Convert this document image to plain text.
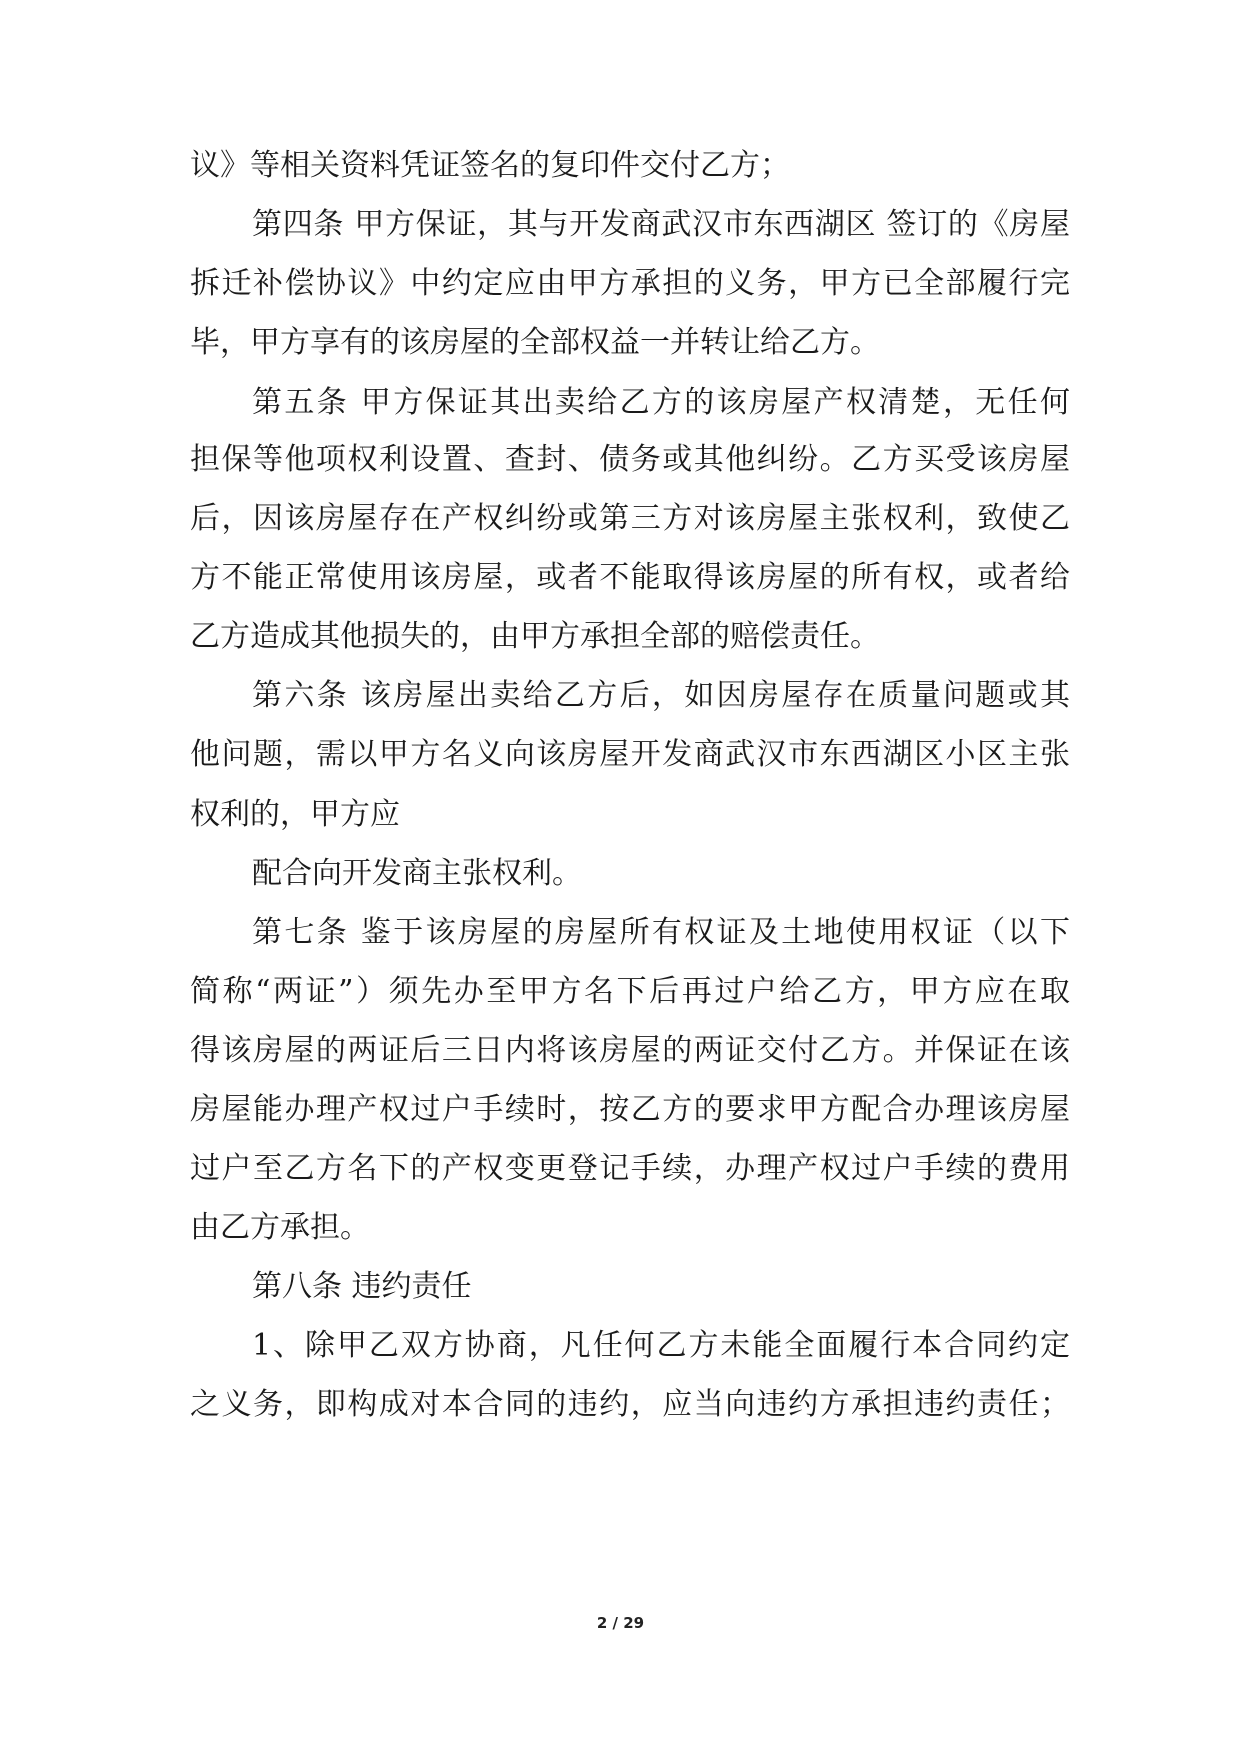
议》等相关资料凭证签名的复印件交付乙方；
第四条 甲方保证，其与开发商武汉市东西湖区 签订的《房屋
拆迁补偿协议》中约定应由甲方承担的义务，甲方已全部履行完
毕，甲方享有的该房屋的全部权益一并转让给乙方。
第五条 甲方保证其出卖给乙方的该房屋产权清楚，无任何
担保等他项权利设置、查封、债务或其他纠纷。乙方买受该房屋
后，因该房屋存在产权纠纷或第三方对该房屋主张权利，致使乙
方不能正常使用该房屋，或者不能取得该房屋的所有权，或者给
乙方造成其他损失的，由甲方承担全部的赔偿责任。
第六条 该房屋出卖给乙方后，如因房屋存在质量问题或其
他问题，需以甲方名义向该房屋开发商武汉市东西湖区小区主张
权利的，甲方应
配合向开发商主张权利。
第七条 鉴于该房屋的房屋所有权证及土地使用权证（以下
简称“两证”）须先办至甲方名下后再过户给乙方，甲方应在取
得该房屋的两证后三日内将该房屋的两证交付乙方。并保证在该
房屋能办理产权过户手续时，按乙方的要求甲方配合办理该房屋
过户至乙方名下的产权变更登记手续，办理产权过户手续的费用
由乙方承担。
第八条 违约责任
1、除甲乙双方协商，凡任何乙方未能全面履行本合同约定
之义务，即构成对本合同的违约，应当向违约方承担违约责任；
2 / 29
